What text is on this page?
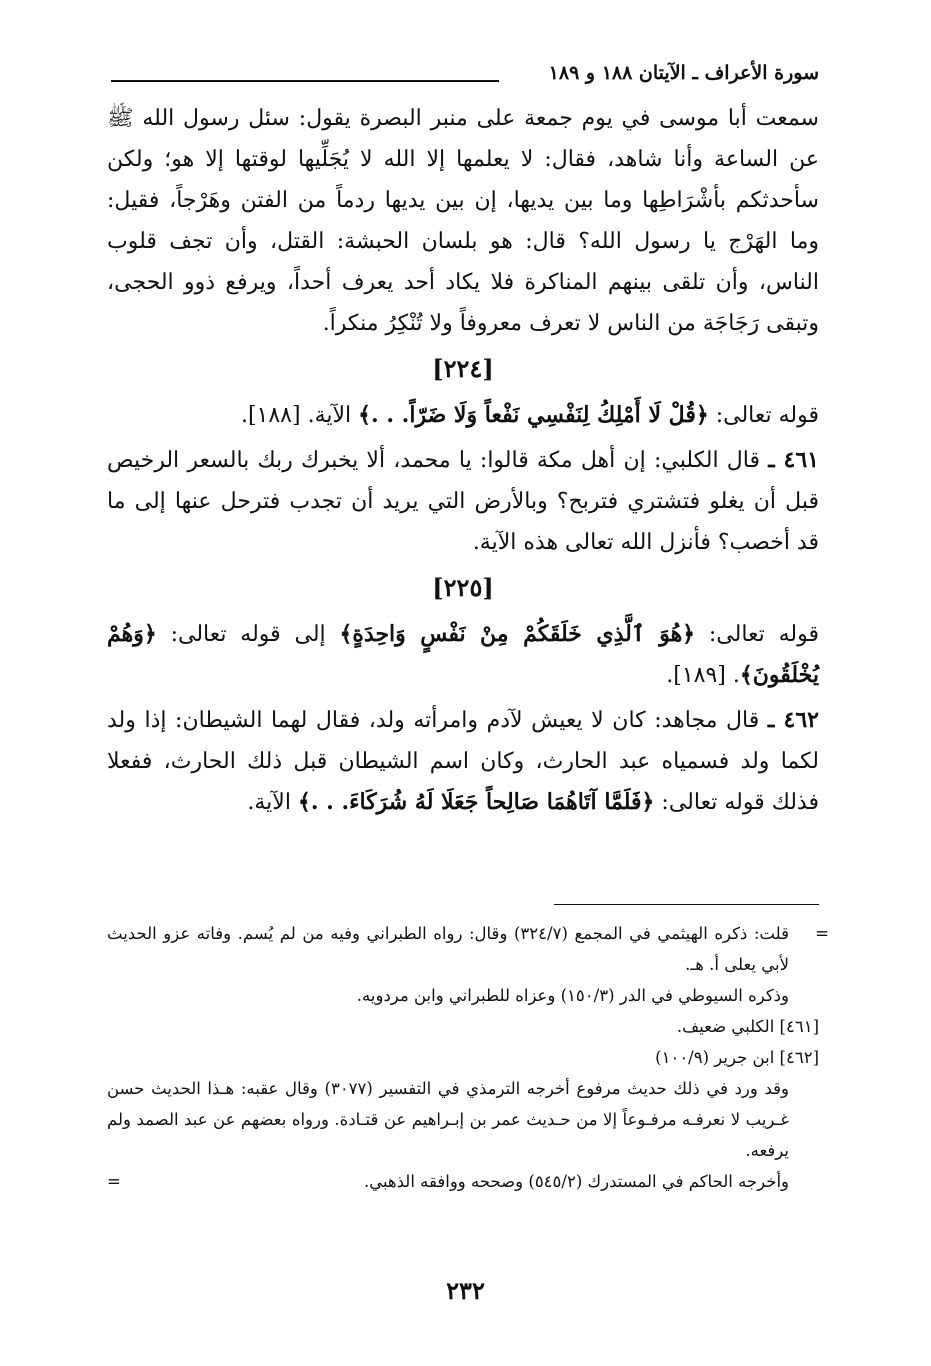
سورة الأعراف ـ الآيتان ١٨٨ و ١٨٩

سمعت أبا موسى في يوم جمعة على منبر البصرة يقول: سئل رسول الله ﷺ عن الساعة وأنا شاهد، فقال: لا يعلمها إلا الله لا يُجَلِّيها لوقتها إلا هو؛ ولكن سأحدثكم بأشْرَاطِها وما بين يديها، إن بين يديها ردماً من الفتن وهَرْجاً، فقيل: وما الهَرْج يا رسول الله؟ قال: هو بلسان الحبشة: القتل، وأن تجف قلوب الناس، وأن تلقى بينهم المناكرة فلا يكاد أحد يعرف أحداً، ويرفع ذوو الحجى، وتبقى رَجَاجَة من الناس لا تعرف معروفاً ولا تُنْكِرُ منكراً.

[٢٢٤]

قوله تعالى: ﴿قُلْ لَا أَمْلِكُ لِنَفْسِي نَفْعاً وَلَا ضَرّاً. . .﴾ الآية. [١٨٨].

٤٦١ ـ قال الكلبي: إن أهل مكة قالوا: يا محمد، ألا يخبرك ربك بالسعر الرخيص قبل أن يغلو فتشتري فتربح؟ وبالأرض التي يريد أن تجدب فترحل عنها إلى ما قد أخصب؟ فأنزل الله تعالى هذه الآية.

[٢٢٥]

قوله تعالى: ﴿هُوَ ٱلَّذِي خَلَقَكُمْ مِنْ نَفْسٍ وَاحِدَةٍ﴾ إلى قوله تعالى: ﴿وَهُمْ يُخْلَقُونَ﴾. [١٨٩].

٤٦٢ ـ قال مجاهد: كان لا يعيش لآدم وامرأته ولد، فقال لهما الشيطان: إذا ولد لكما ولد فسمياه عبد الحارث، وكان اسم الشيطان قبل ذلك الحارث، ففعلا فذلك قوله تعالى: ﴿فَلَمَّا آتَاهُمَا صَالِحاً جَعَلَا لَهُ شُرَكَاءَ. . .﴾ الآية.

=
قلت: ذكره الهيثمي في المجمع (٣٢٤/٧) وقال: رواه الطبراني وفيه من لم يُسم. وفاته عزو الحديث لأبي يعلى أ. هـ.

وذكره السيوطي في الدر (١٥٠/٣) وعزاه للطبراني وابن مردويه.

[٤٦١] الكلبي ضعيف.

[٤٦٢] ابن جرير (١٠٠/٩)

وقد ورد في ذلك حديث مرفوع أخرجه الترمذي في التفسير (٣٠٧٧) وقال عقبه: هـذا الحديث حسن غـريب لا نعرفـه مرفـوعاً إلا من حـديث عمر بن إبـراهيم عن قتـادة. ورواه بعضهم عن عبد الصمد ولم يرفعه.

وأخرجه الحاكم في المستدرك (٥٤٥/٢) وصححه ووافقه الذهبي.
=

٢٣٢
